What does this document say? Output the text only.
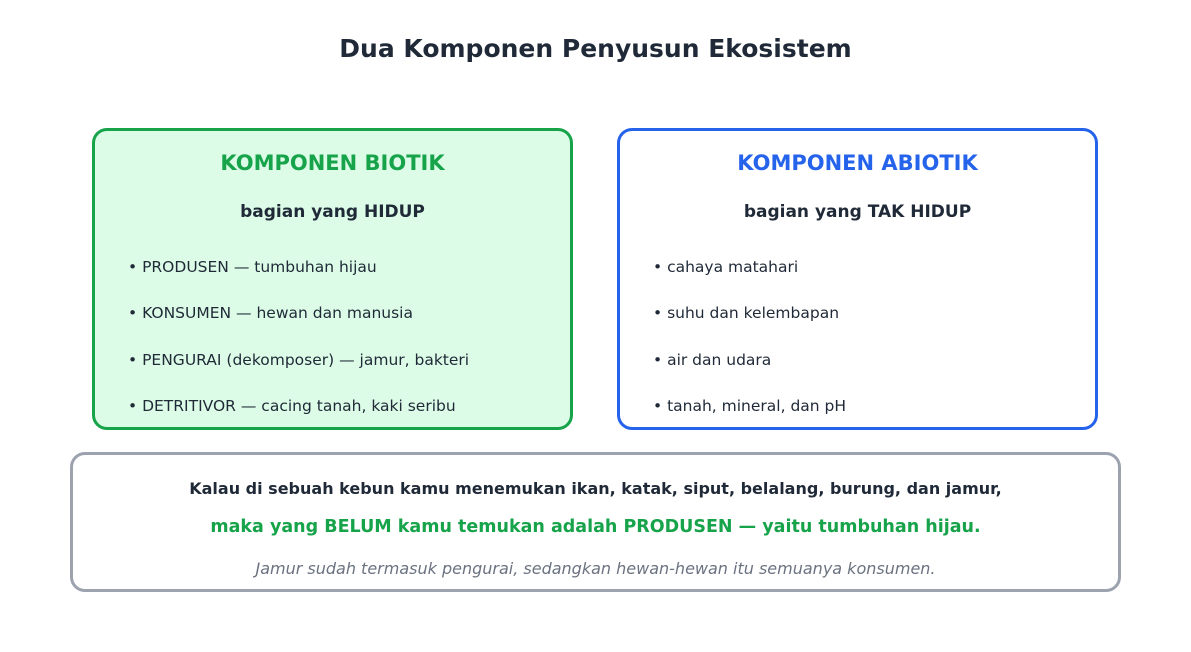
Dua Komponen Penyusun Ekosistem
KOMPONEN BIOTIK
bagian yang HIDUP
• PRODUSEN — tumbuhan hijau
• KONSUMEN — hewan dan manusia
• PENGURAI (dekomposer) — jamur, bakteri
• DETRITIVOR — cacing tanah, kaki seribu
KOMPONEN ABIOTIK
bagian yang TAK HIDUP
• cahaya matahari
• suhu dan kelembapan
• air dan udara
• tanah, mineral, dan pH
Kalau di sebuah kebun kamu menemukan ikan, katak, siput, belalang, burung, dan jamur,
maka yang BELUM kamu temukan adalah PRODUSEN — yaitu tumbuhan hijau.
Jamur sudah termasuk pengurai, sedangkan hewan-hewan itu semuanya konsumen.
